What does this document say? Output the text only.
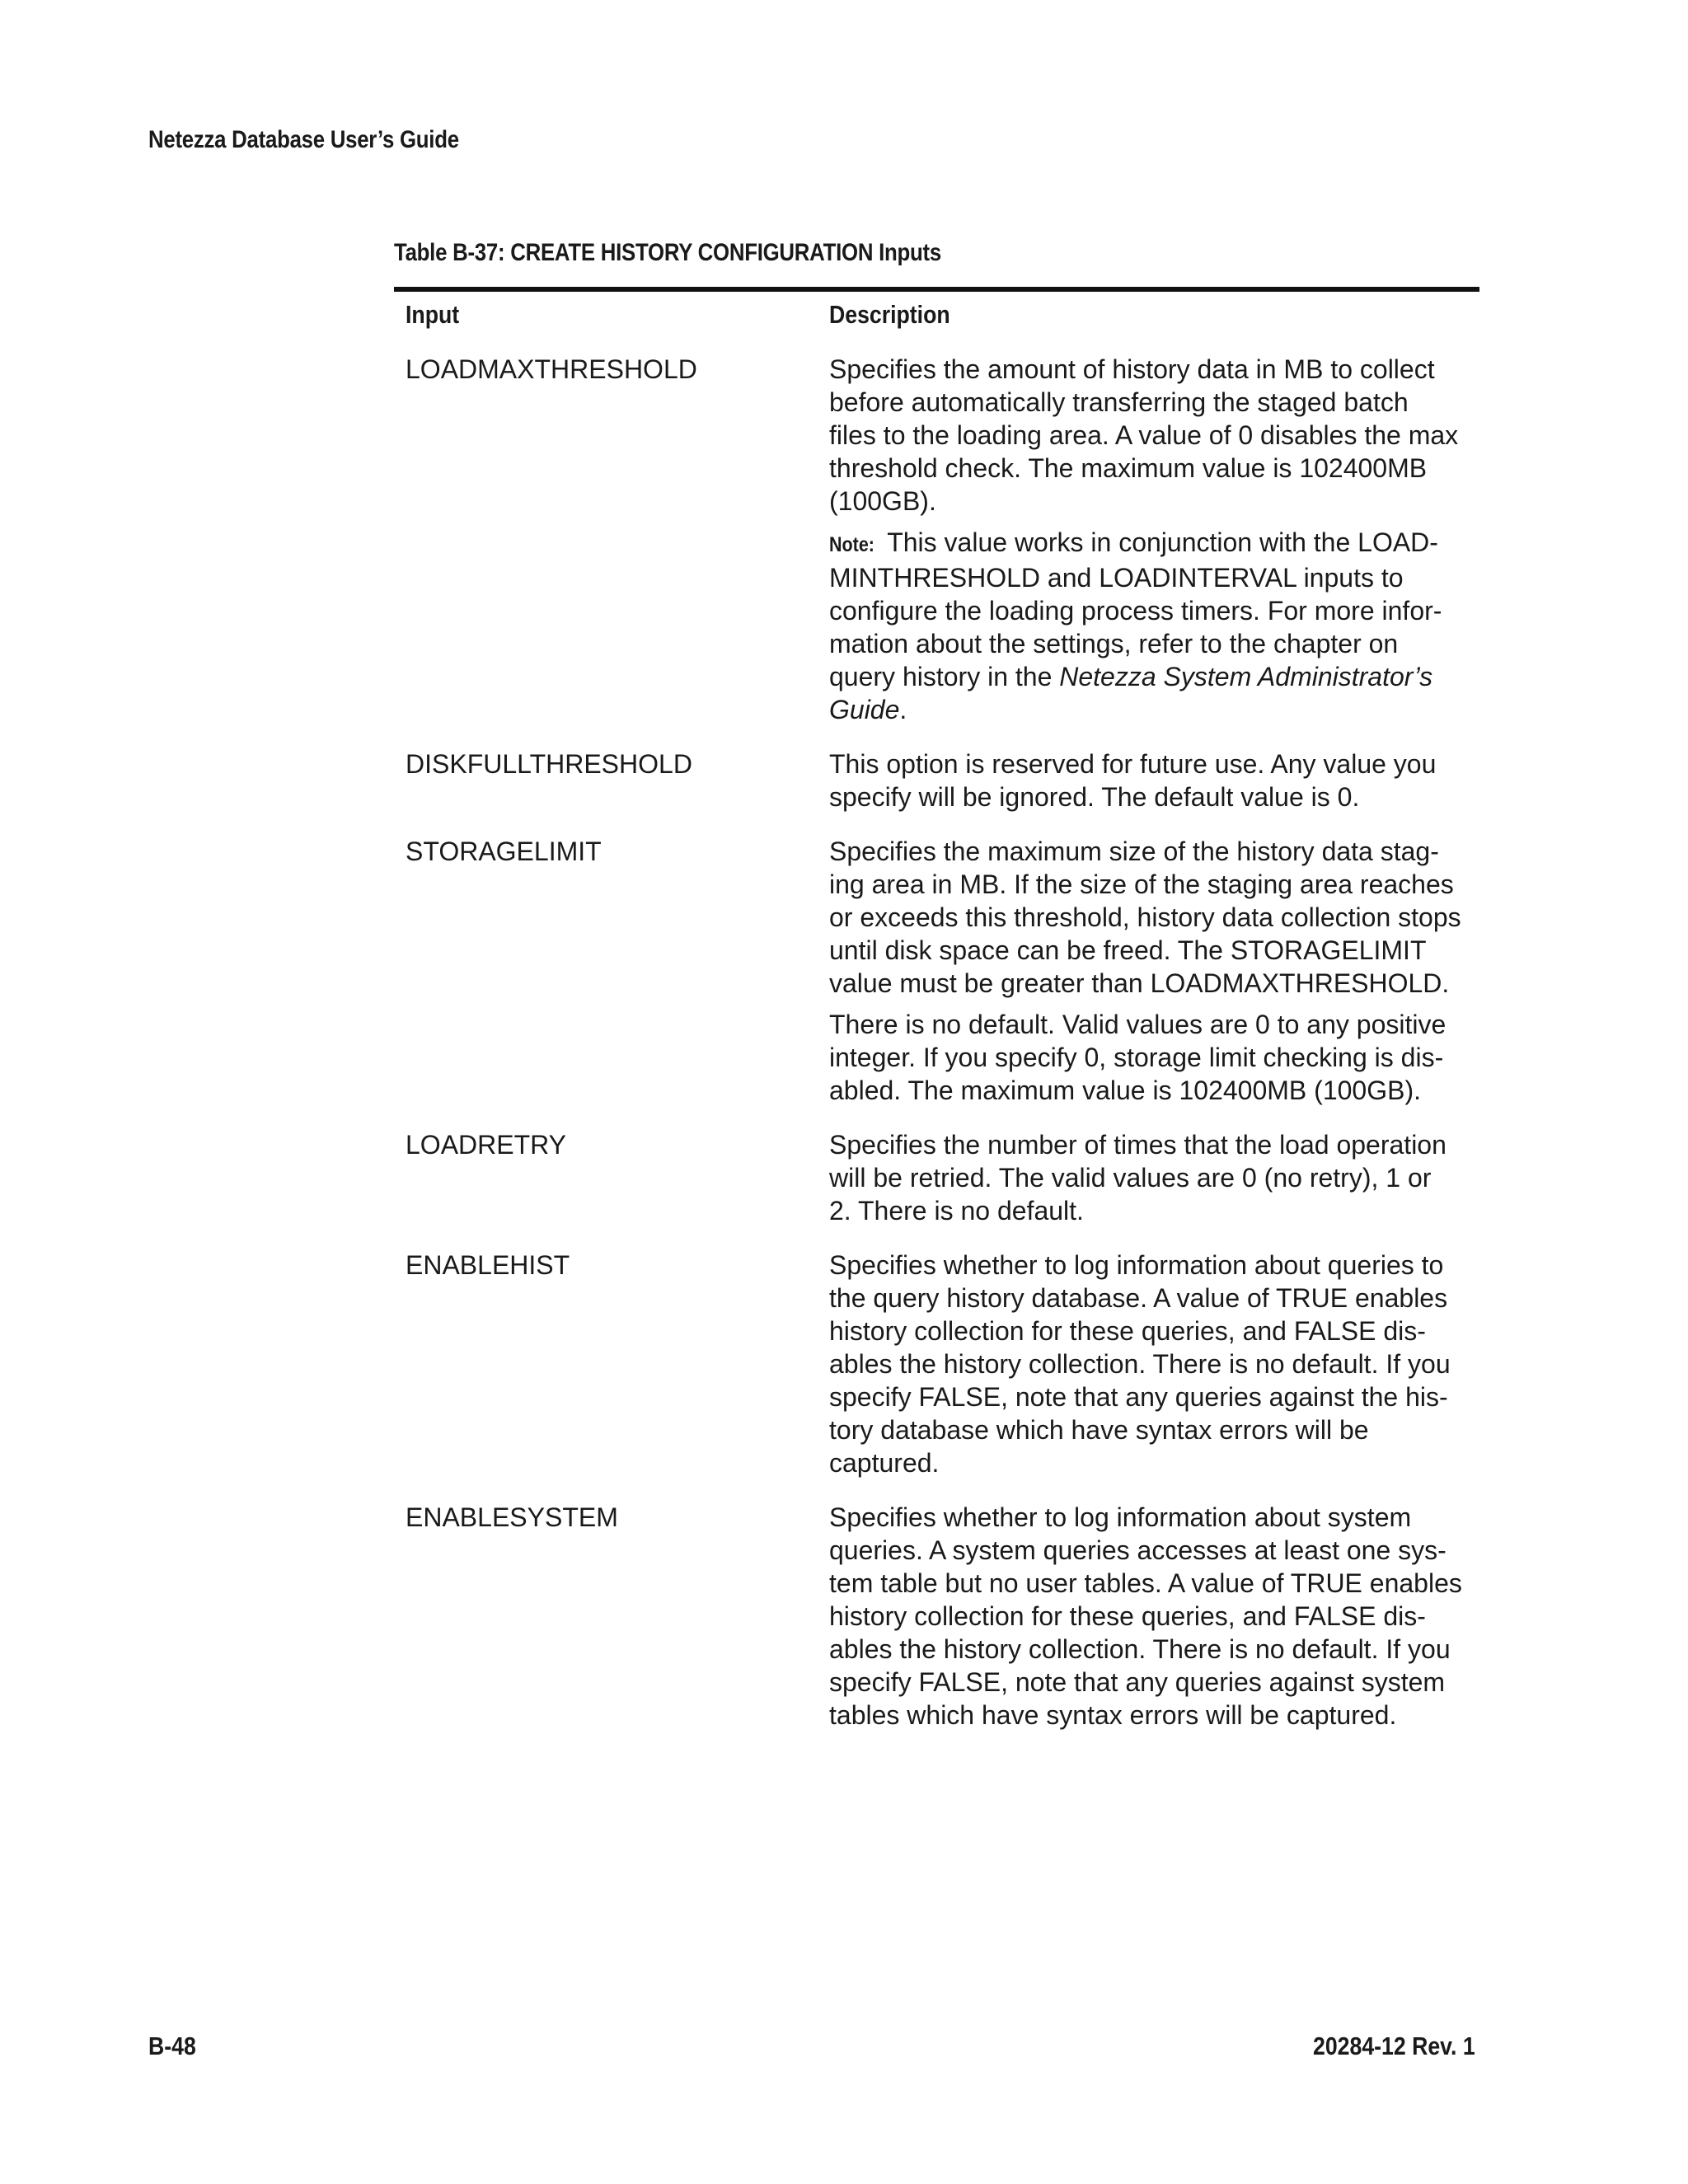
Netezza Database User’s Guide
Table B-37: CREATE HISTORY CONFIGURATION Inputs
Input	Description
LOADMAXTHRESHOLD	Specifies the amount of history data in MB to collect
before automatically transferring the staged batch
files to the loading area. A value of 0 disables the max
threshold check. The maximum value is 102400MB
(100GB).
Note: This value works in conjunction with the LOAD-
MINTHRESHOLD and LOADINTERVAL inputs to
configure the loading process timers. For more infor-
mation about the settings, refer to the chapter on
query history in the Netezza System Administrator’s
Guide.
DISKFULLTHRESHOLD	This option is reserved for future use. Any value you
specify will be ignored. The default value is 0.
STORAGELIMIT	Specifies the maximum size of the history data stag-
ing area in MB. If the size of the staging area reaches
or exceeds this threshold, history data collection stops
until disk space can be freed. The STORAGELIMIT
value must be greater than LOADMAXTHRESHOLD.
There is no default. Valid values are 0 to any positive
integer. If you specify 0, storage limit checking is dis-
abled. The maximum value is 102400MB (100GB).
LOADRETRY	Specifies the number of times that the load operation
will be retried. The valid values are 0 (no retry), 1 or
2. There is no default.
ENABLEHIST	Specifies whether to log information about queries to
the query history database. A value of TRUE enables
history collection for these queries, and FALSE dis-
ables the history collection. There is no default. If you
specify FALSE, note that any queries against the his-
tory database which have syntax errors will be
captured.
ENABLESYSTEM	Specifies whether to log information about system
queries. A system queries accesses at least one sys-
tem table but no user tables. A value of TRUE enables
history collection for these queries, and FALSE dis-
ables the history collection. There is no default. If you
specify FALSE, note that any queries against system
tables which have syntax errors will be captured.
B-48	20284-12 Rev. 1
